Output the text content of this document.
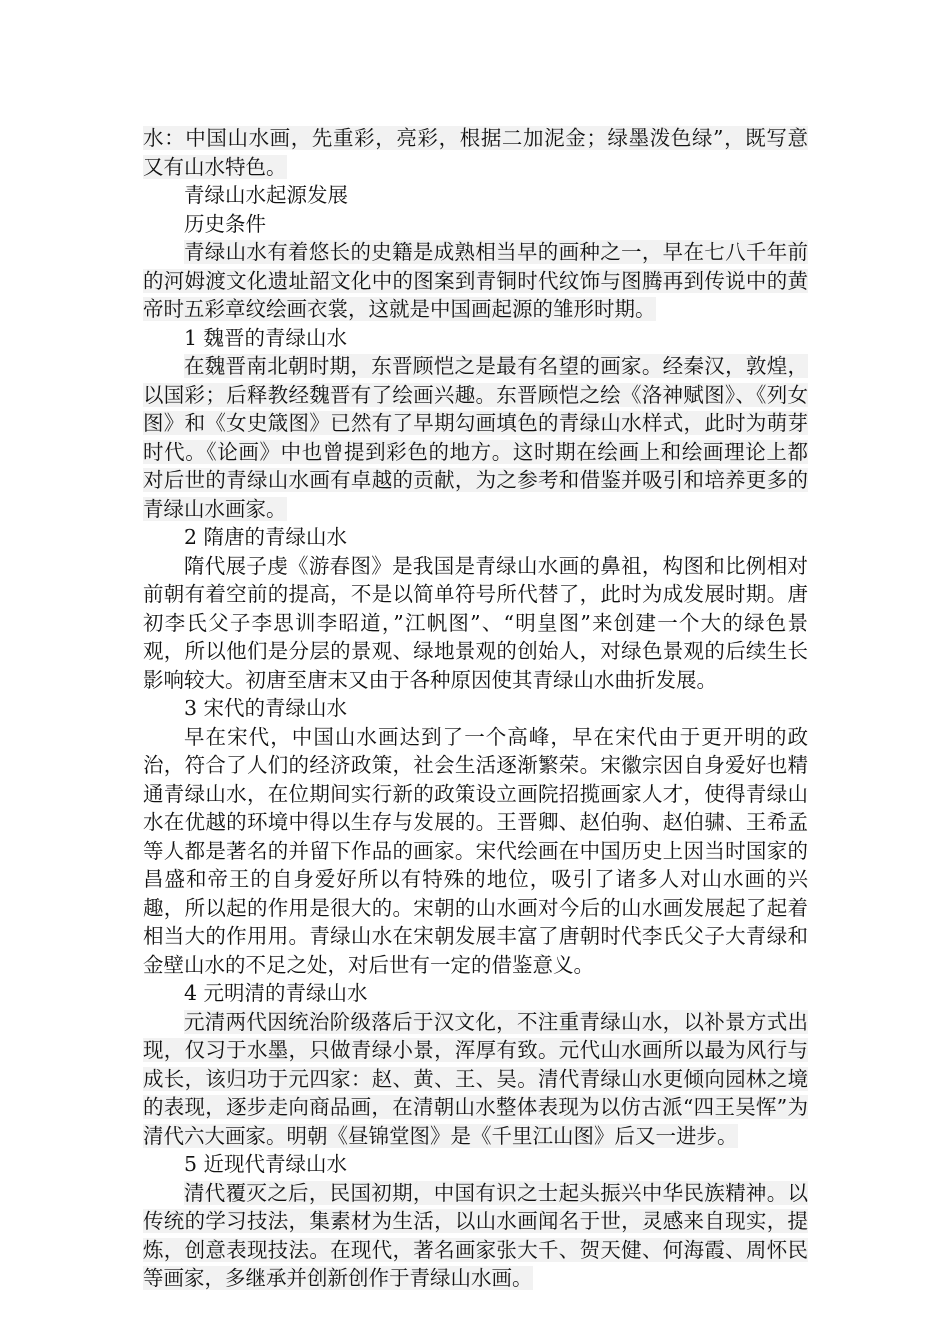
水：中国山水画，先重彩，亮彩，根据二加泥金；绿墨泼色绿”，既写意又有山水特色。

青绿山水起源发展

历史条件

青绿山水有着悠长的史籍是成熟相当早的画种之一，早在七八千年前的河姆渡文化遗址韶文化中的图案到青铜时代纹饰与图腾再到传说中的黄帝时五彩章纹绘画衣裳，这就是中国画起源的雏形时期。

1 魏晋的青绿山水

在魏晋南北朝时期，东晋顾恺之是最有名望的画家。经秦汉，敦煌，以国彩；后释教经魏晋有了绘画兴趣。东晋顾恺之绘《洛神赋图》、《列女图》和《女史箴图》已然有了早期勾画填色的青绿山水样式，此时为萌芽时代。《论画》中也曾提到彩色的地方。这时期在绘画上和绘画理论上都对后世的青绿山水画有卓越的贡献，为之参考和借鉴并吸引和培养更多的青绿山水画家。

2 隋唐的青绿山水

隋代展子虔《游春图》是我国是青绿山水画的鼻祖，构图和比例相对前朝有着空前的提高，不是以简单符号所代替了，此时为成发展时期。唐初李氏父子李思训李昭道，”江帆图”、“明皇图”来创建一个大的绿色景观，所以他们是分层的景观、绿地景观的创始人，对绿色景观的后续生长影响较大。初唐至唐末又由于各种原因使其青绿山水曲折发展。

3 宋代的青绿山水

早在宋代，中国山水画达到了一个高峰，早在宋代由于更开明的政治，符合了人们的经济政策，社会生活逐渐繁荣。宋徽宗因自身爱好也精通青绿山水，在位期间实行新的政策设立画院招揽画家人才，使得青绿山水在优越的环境中得以生存与发展的。王晋卿、赵伯驹、赵伯骕、王希孟等人都是著名的并留下作品的画家。宋代绘画在中国历史上因当时国家的昌盛和帝王的自身爱好所以有特殊的地位，吸引了诸多人对山水画的兴趣，所以起的作用是很大的。宋朝的山水画对今后的山水画发展起了起着相当大的作用用。青绿山水在宋朝发展丰富了唐朝时代李氏父子大青绿和金壁山水的不足之处，对后世有一定的借鉴意义。

4 元明清的青绿山水

元清两代因统治阶级落后于汉文化，不注重青绿山水，以补景方式出现，仅习于水墨，只做青绿小景，浑厚有致。元代山水画所以最为风行与成长，该归功于元四家：赵、黄、王、吴。清代青绿山水更倾向园林之境的表现，逐步走向商品画，在清朝山水整体表现为以仿古派“四王吴恽”为清代六大画家。明朝《昼锦堂图》是《千里江山图》后又一进步。

5 近现代青绿山水

清代覆灭之后，民国初期，中国有识之士起头振兴中华民族精神。以传统的学习技法，集素材为生活，以山水画闻名于世，灵感来自现实，提炼，创意表现技法。在现代，著名画家张大千、贺天健、何海霞、周怀民等画家，多继承并创新创作于青绿山水画。
